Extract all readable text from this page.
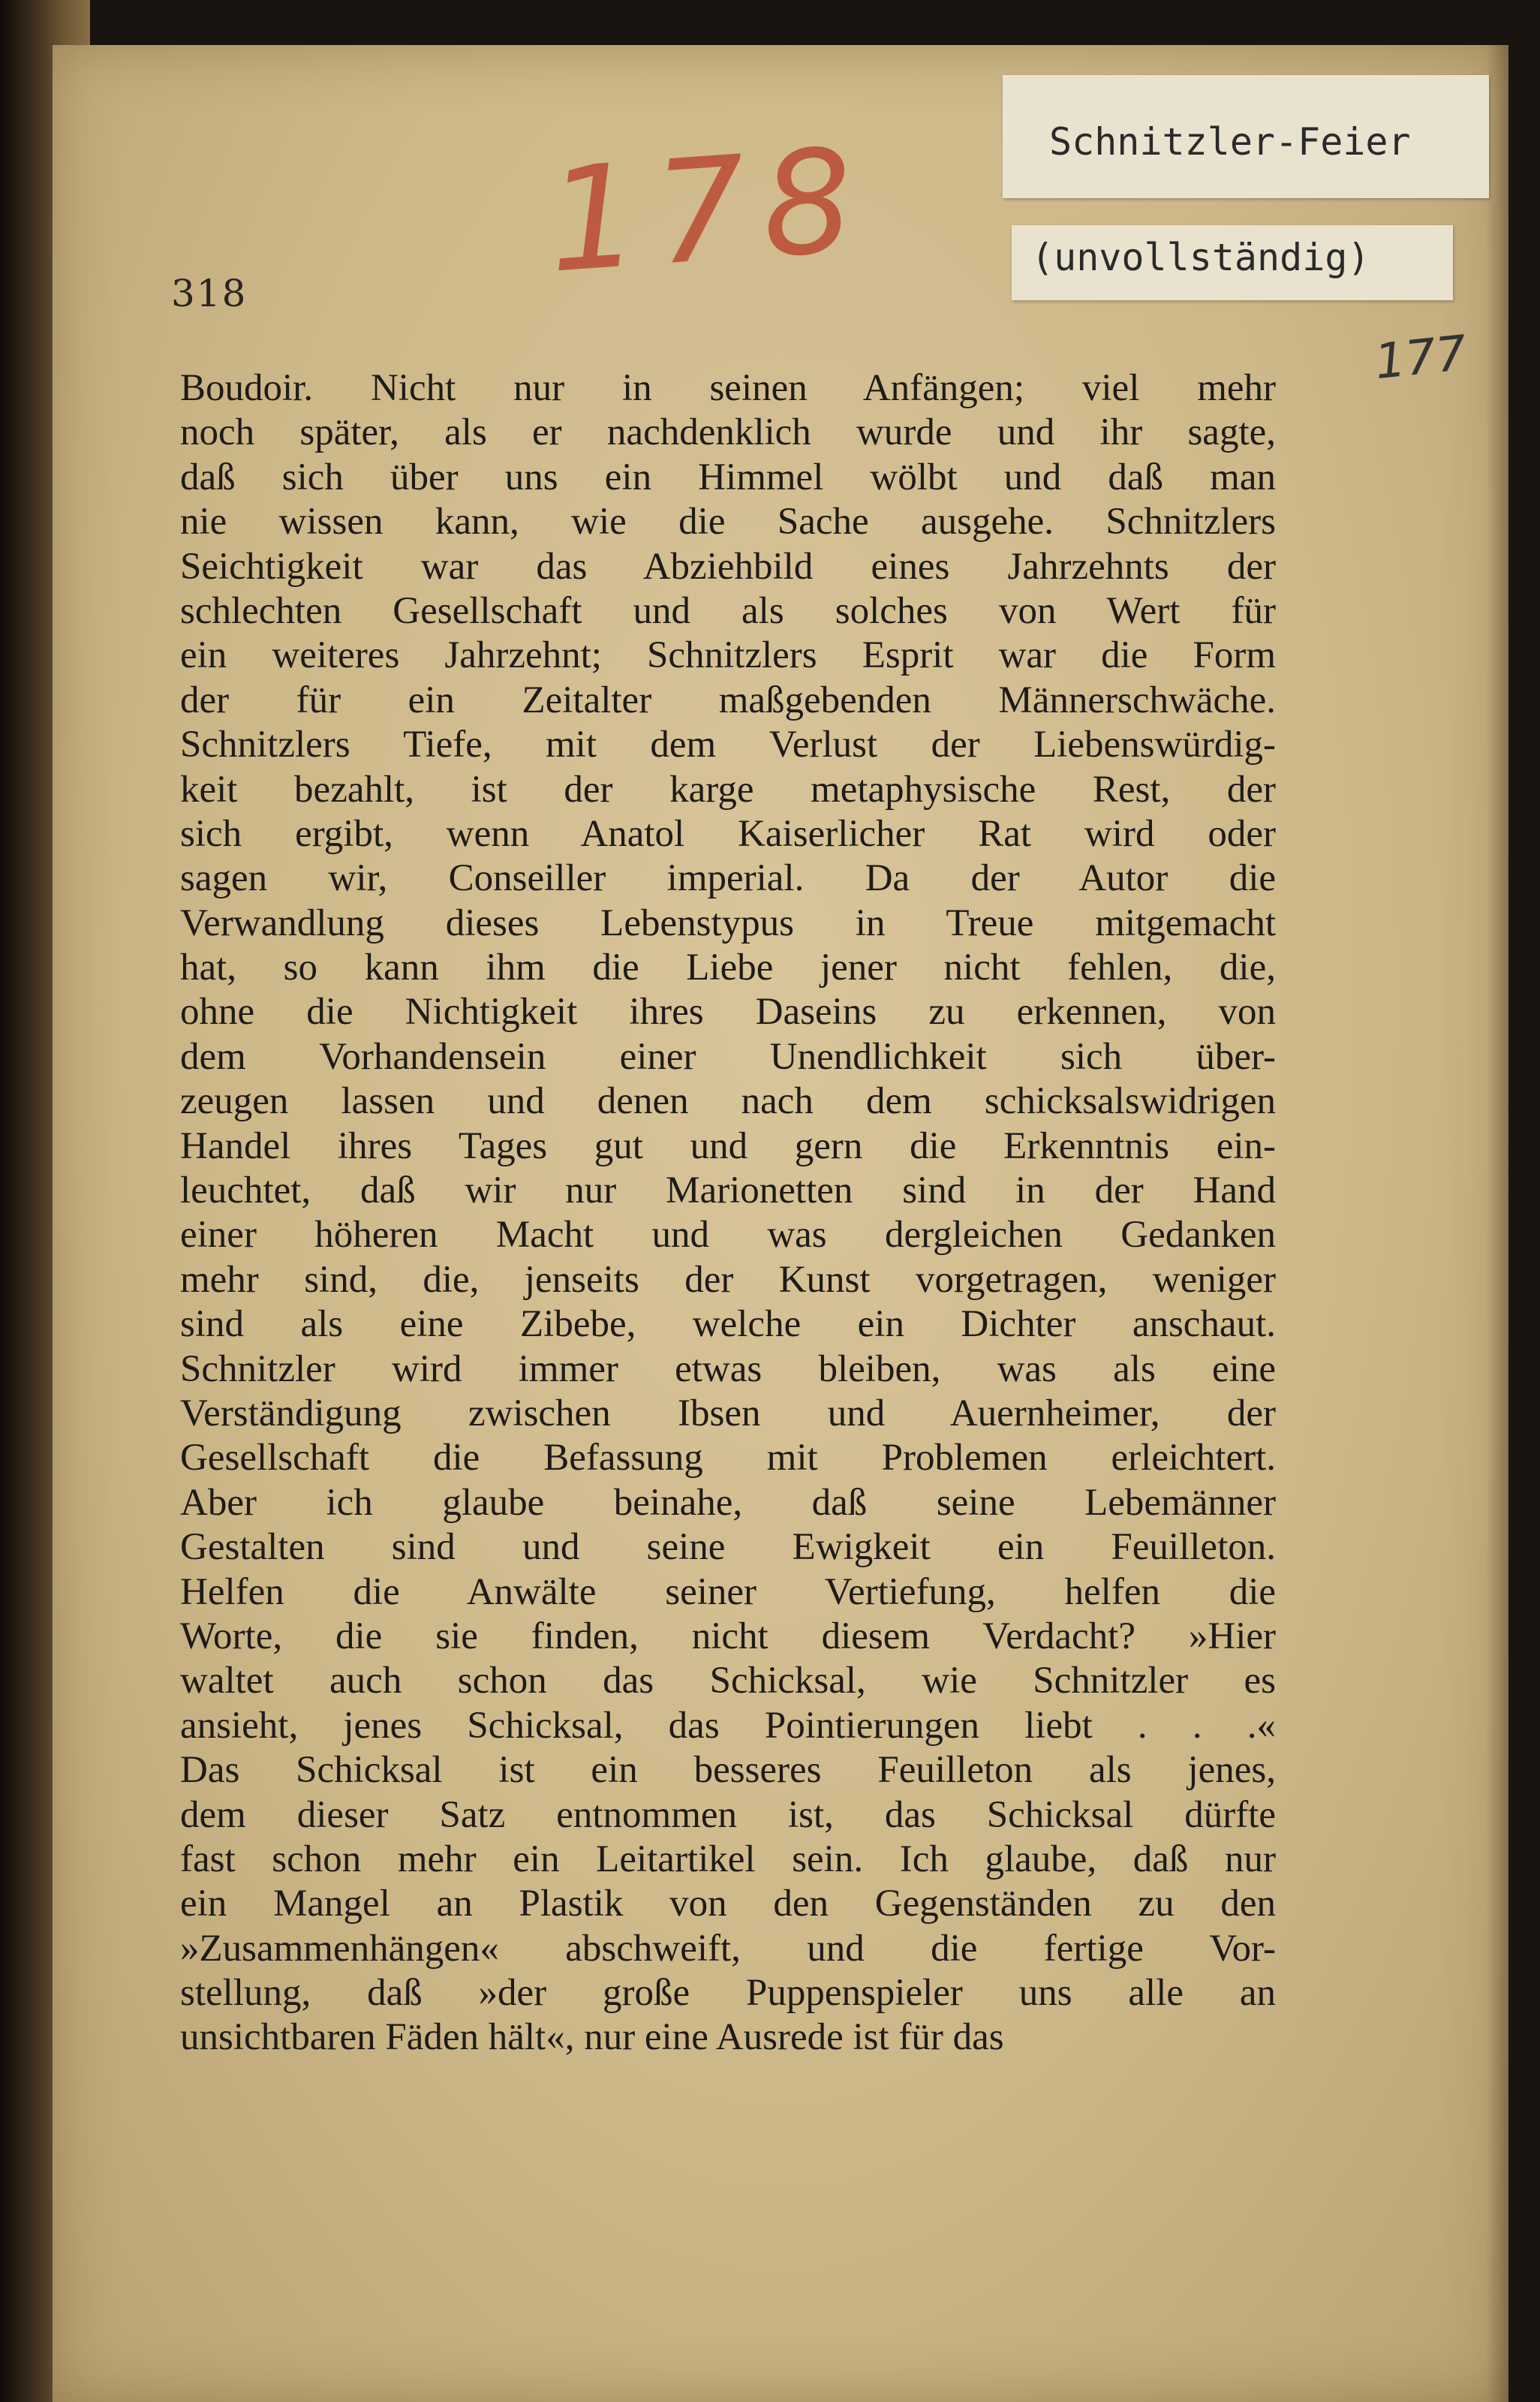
178
177
Schnitzler-Feier
(unvollständig)
318
Boudoir. Nicht nur in seinen Anfängen; viel mehr
noch später, als er nachdenklich wurde und ihr sagte,
daß sich über uns ein Himmel wölbt und daß man
nie wissen kann, wie die Sache ausgehe. Schnitzlers
Seichtigkeit war das Abziehbild eines Jahrzehnts der
schlechten Gesellschaft und als solches von Wert für
ein weiteres Jahrzehnt; Schnitzlers Esprit war die Form
der für ein Zeitalter maßgebenden Männerschwäche.
Schnitzlers Tiefe, mit dem Verlust der Liebenswürdig-
keit bezahlt, ist der karge metaphysische Rest, der
sich ergibt, wenn Anatol Kaiserlicher Rat wird oder
sagen wir, Conseiller imperial. Da der Autor die
Verwandlung dieses Lebenstypus in Treue mitgemacht
hat, so kann ihm die Liebe jener nicht fehlen, die,
ohne die Nichtigkeit ihres Daseins zu erkennen, von
dem Vorhandensein einer Unendlichkeit sich über-
zeugen lassen und denen nach dem schicksalswidrigen
Handel ihres Tages gut und gern die Erkenntnis ein-
leuchtet, daß wir nur Marionetten sind in der Hand
einer höheren Macht und was dergleichen Gedanken
mehr sind, die, jenseits der Kunst vorgetragen, weniger
sind als eine Zibebe, welche ein Dichter anschaut.
Schnitzler wird immer etwas bleiben, was als eine
Verständigung zwischen Ibsen und Auernheimer, der
Gesellschaft die Befassung mit Problemen erleichtert.
Aber ich glaube beinahe, daß seine Lebemänner
Gestalten sind und seine Ewigkeit ein Feuilleton.
Helfen die Anwälte seiner Vertiefung, helfen die
Worte, die sie finden, nicht diesem Verdacht? »Hier
waltet auch schon das Schicksal, wie Schnitzler es
ansieht, jenes Schicksal, das Pointierungen liebt . . .«
Das Schicksal ist ein besseres Feuilleton als jenes,
dem dieser Satz entnommen ist, das Schicksal dürfte
fast schon mehr ein Leitartikel sein. Ich glaube, daß nur
ein Mangel an Plastik von den Gegenständen zu den
»Zusammenhängen« abschweift, und die fertige Vor-
stellung, daß »der große Puppenspieler uns alle an
unsichtbaren Fäden hält«, nur eine Ausrede ist für das
